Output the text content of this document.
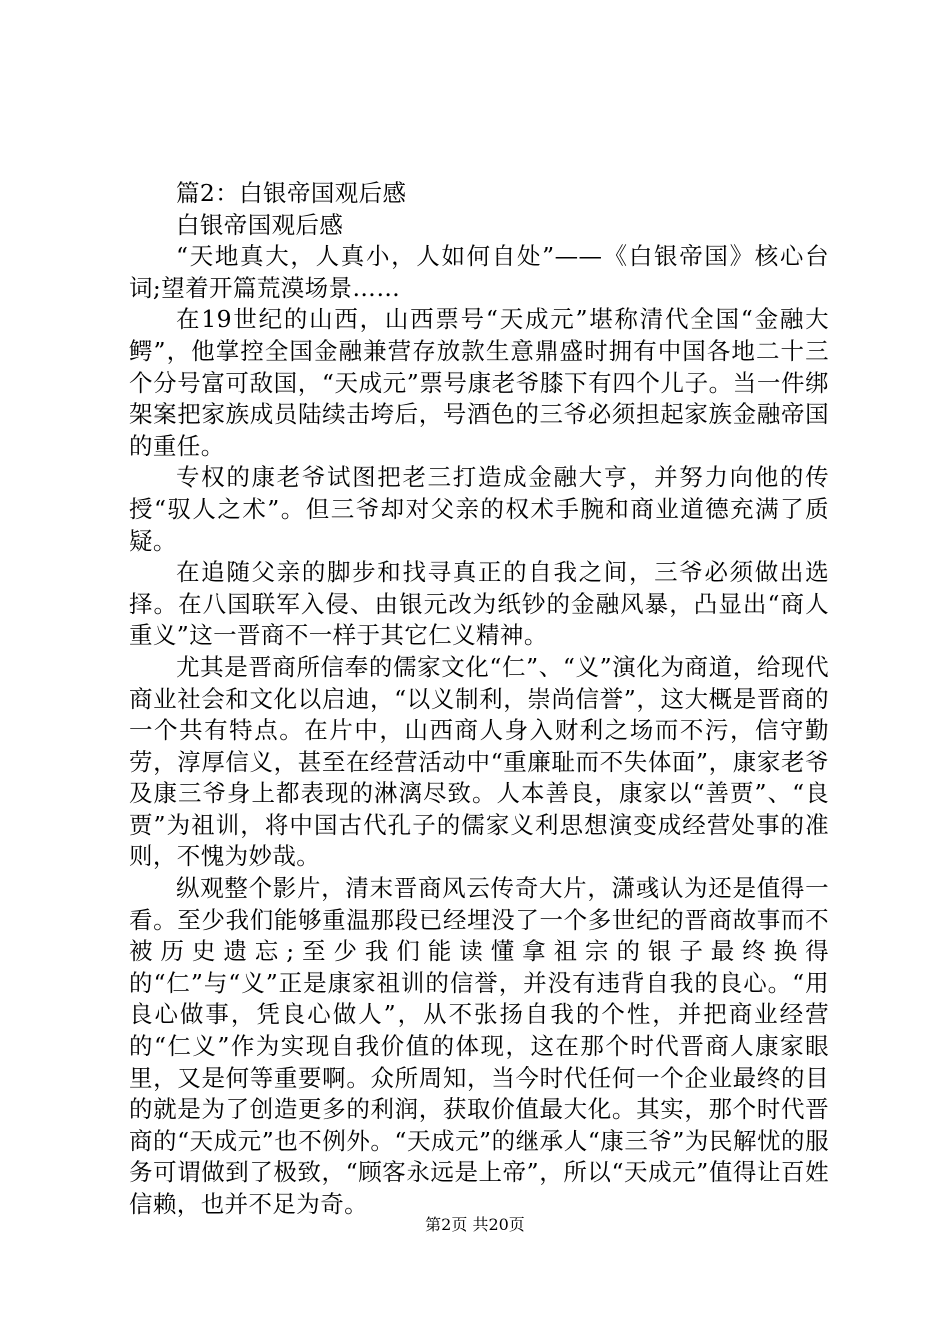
篇2：白银帝国观后感

白银帝国观后感

“天地真大，人真小，人如何自处”——《白银帝国》核心台词;望着开篇荒漠场景……

在19世纪的山西，山西票号“天成元”堪称清代全国“金融大鳄”，他掌控全国金融兼营存放款生意鼎盛时拥有中国各地二十三个分号富可敌国，“天成元”票号康老爷膝下有四个儿子。当一件绑架案把家族成员陆续击垮后，号酒色的三爷必须担起家族金融帝国的重任。

专权的康老爷试图把老三打造成金融大亨，并努力向他的传授“驭人之术”。但三爷却对父亲的权术手腕和商业道德充满了质疑。

在追随父亲的脚步和找寻真正的自我之间，三爷必须做出选择。在八国联军入侵、由银元改为纸钞的金融风暴，凸显出“商人重义”这一晋商不一样于其它仁义精神。

尤其是晋商所信奉的儒家文化“仁”、“义”演化为商道，给现代商业社会和文化以启迪，“以义制利，崇尚信誉”，这大概是晋商的一个共有特点。在片中，山西商人身入财利之场而不污，信守勤劳，淳厚信义，甚至在经营活动中“重廉耻而不失体面”，康家老爷及康三爷身上都表现的淋漓尽致。人本善良，康家以“善贾”、“良贾”为祖训，将中国古代孔子的儒家义利思想演变成经营处事的准则，不愧为妙哉。

纵观整个影片，清末晋商风云传奇大片，潇彧认为还是值得一看。至少我们能够重温那段已经埋没了一个多世纪的晋商故事而不被历史遗忘;至少我们能读懂拿祖宗的银子最终换得的“仁”与“义”正是康家祖训的信誉，并没有违背自我的良心。“用良心做事，凭良心做人”，从不张扬自我的个性，并把商业经营的“仁义”作为实现自我价值的体现，这在那个时代晋商人康家眼里，又是何等重要啊。众所周知，当今时代任何一个企业最终的目的就是为了创造更多的利润，获取价值最大化。其实，那个时代晋商的“天成元”也不例外。“天成元”的继承人“康三爷”为民解忧的服务可谓做到了极致，“顾客永远是上帝”，所以“天成元”值得让百姓信赖，也并不足为奇。

第2页 共20页
